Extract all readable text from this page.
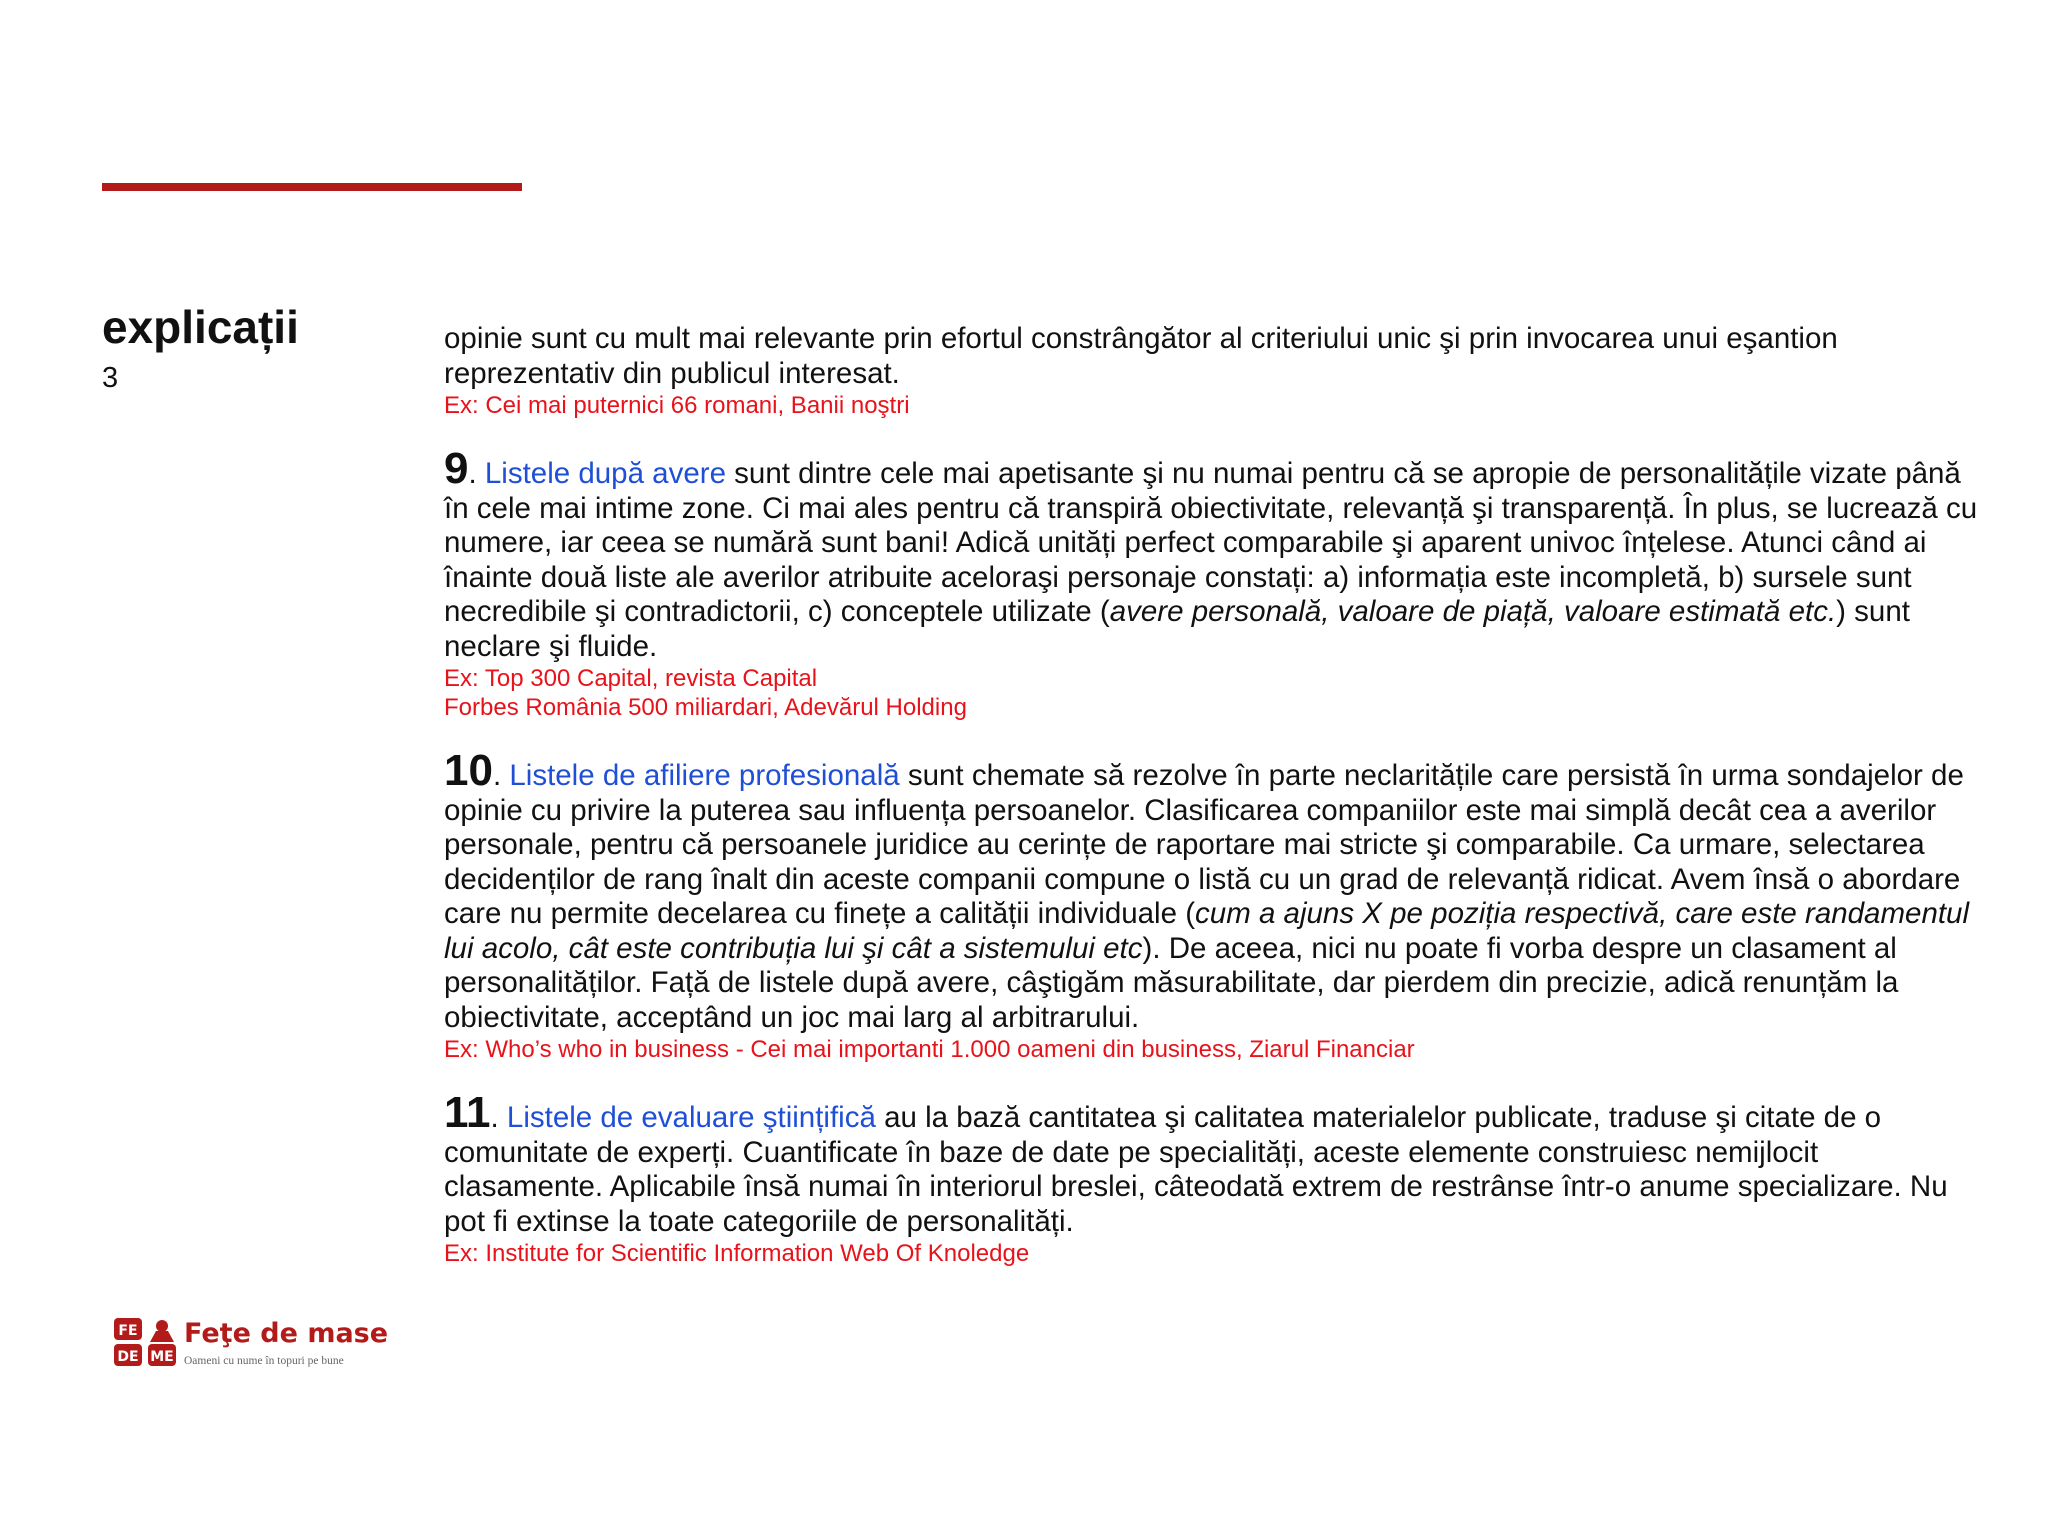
explicații
3

opinie sunt cu mult mai relevante prin efortul constrângător al criteriului unic şi prin invocarea unui eşantion reprezentativ din publicul interesat.

Ex: Cei mai puternici 66 romani, Banii noştri

9. Listele după avere sunt dintre cele mai apetisante şi nu numai pentru că se apropie de personalitățile vizate până în cele mai intime zone. Ci mai ales pentru că transpiră obiectivitate, relevanță şi transparență. În plus, se lucrează cu numere, iar ceea se numără sunt bani! Adică unități perfect comparabile şi aparent univoc înțelese. Atunci când ai înainte două liste ale averilor atribuite aceloraşi personaje constați: a) informația este incompletă, b) sursele sunt necredibile şi contradictorii, c) conceptele utilizate (avere personală, valoare de piață, valoare estimată etc.) sunt neclare şi fluide.

Ex: Top 300 Capital, revista Capital

Forbes România 500 miliardari, Adevărul Holding

10. Listele de afiliere profesională sunt chemate să rezolve în parte neclaritățile care persistă în urma sondajelor de opinie cu privire la puterea sau influența persoanelor. Clasificarea companiilor este mai simplă decât cea a averilor personale, pentru că persoanele juridice au cerințe de raportare mai stricte şi comparabile. Ca urmare, selectarea decidenților de rang înalt din aceste companii compune o listă cu un grad de relevanță ridicat. Avem însă o abordare care nu permite decelarea cu finețe a calității individuale (cum a ajuns X pe poziția respectivă, care este randamentul lui acolo, cât este contribuția lui şi cât a sistemului etc). De aceea, nici nu poate fi vorba despre un clasament al personalităților. Față de listele după avere, câştigăm măsurabilitate, dar pierdem din precizie, adică renunțăm la obiectivitate, acceptând un joc mai larg al arbitrarului.

Ex: Who’s who in business - Cei mai importanti 1.000 oameni din business, Ziarul Financiar

11. Listele de evaluare ştiințifică au la bază cantitatea şi calitatea materialelor publicate, traduse şi citate de o comunitate de experți. Cuantificate în baze de date pe specialități, aceste elemente construiesc nemijlocit clasamente. Aplicabile însă numai în interiorul breslei, câteodată extrem de restrânse într-o anume specializare. Nu pot fi extinse la toate categoriile de personalități.

Ex: Institute for Scientific Information Web Of Knoledge

FE
DE ME
Feţe de mase
Oameni cu nume în topuri pe bune
